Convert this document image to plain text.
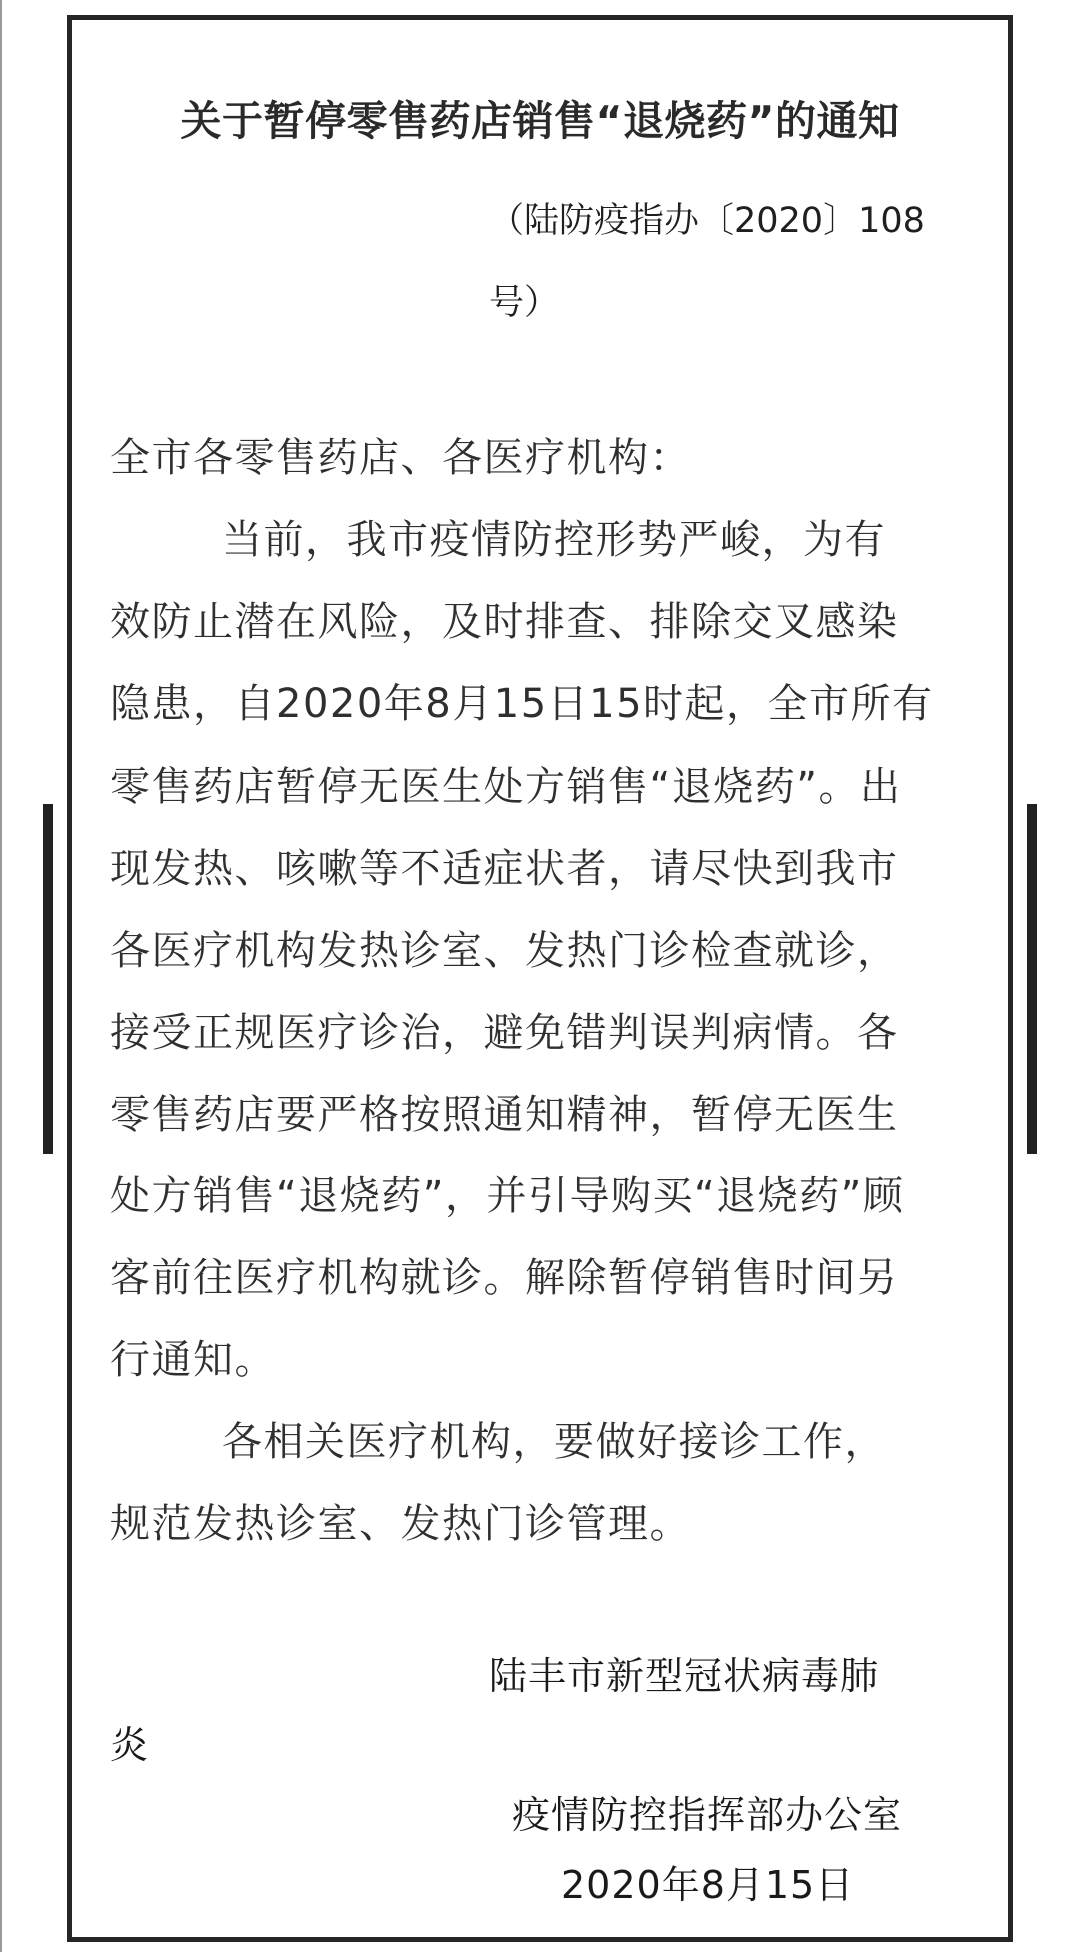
关于暂停零售药店销售“退烧药”的通知
（陆防疫指办〔2020〕108
号）
全市各零售药店、各医疗机构：
当前，我市疫情防控形势严峻，为有
效防止潜在风险，及时排查、排除交叉感染
隐患，自2020年8月15日15时起，全市所有
零售药店暂停无医生处方销售“退烧药”。出
现发热、咳嗽等不适症状者，请尽快到我市
各医疗机构发热诊室、发热门诊检查就诊，
接受正规医疗诊治，避免错判误判病情。各
零售药店要严格按照通知精神，暂停无医生
处方销售“退烧药”，并引导购买“退烧药”顾
客前往医疗机构就诊。解除暂停销售时间另
行通知。
各相关医疗机构，要做好接诊工作，
规范发热诊室、发热门诊管理。
陆丰市新型冠状病毒肺
炎
疫情防控指挥部办公室
2020年8月15日
